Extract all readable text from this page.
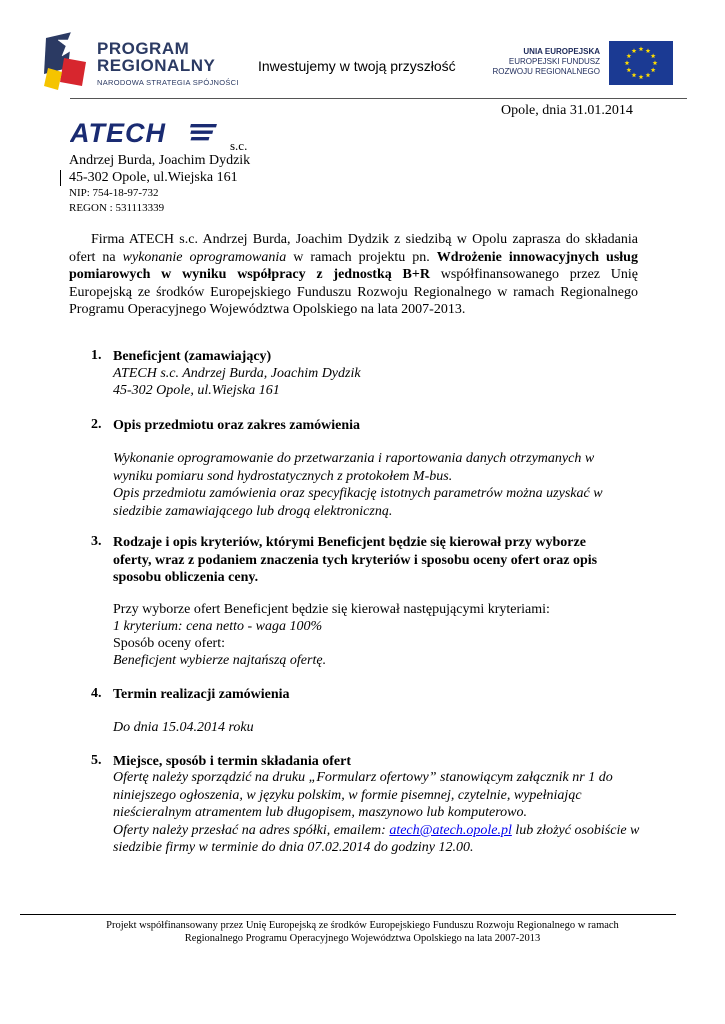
PROGRAM
REGIONALNY
NARODOWA STRATEGIA SPÓJNOŚCI
Inwestujemy w twoją przyszłość
UNIA EUROPEJSKA
EUROPEJSKI FUNDUSZ
ROZWOJU REGIONALNEGO
Opole, dnia 31.01.2014
ATECH	s.c.
Andrzej Burda, Joachim Dydzik
45-302 Opole, ul.Wiejska 161
NIP: 754-18-97-732
REGON : 531113339

Firma ATECH s.c. Andrzej Burda, Joachim Dydzik z siedzibą w Opolu zaprasza do składania ofert na wykonanie oprogramowania w ramach projektu pn. Wdrożenie innowacyjnych usług pomiarowych w wyniku współpracy z jednostką B+R współfinansowanego przez Unię Europejską ze środków Europejskiego Funduszu Rozwoju Regionalnego w ramach Regionalnego Programu Operacyjnego Województwa Opolskiego na lata 2007-2013.

1. Beneficjent (zamawiający)
ATECH s.c. Andrzej Burda, Joachim Dydzik
45-302 Opole, ul.Wiejska 161
2. Opis przedmiotu oraz zakres zamówienia
Wykonanie oprogramowanie do przetwarzania i raportowania danych otrzymanych w wyniku pomiaru sond hydrostatycznych z protokołem M-bus.
Opis przedmiotu zamówienia oraz specyfikację istotnych parametrów można uzyskać w siedzibie zamawiającego lub drogą elektroniczną.
3. Rodzaje i opis kryteriów, którymi Beneficjent będzie się kierował przy wyborze oferty, wraz z podaniem znaczenia tych kryteriów i sposobu oceny ofert oraz opis sposobu obliczenia ceny.
Przy wyborze ofert Beneficjent będzie się kierował następującymi kryteriami:
1 kryterium: cena netto - waga 100%
Sposób oceny ofert:
Beneficjent wybierze najtańszą ofertę.
4. Termin realizacji zamówienia
Do dnia 15.04.2014 roku
5. Miejsce, sposób i termin składania ofert
Ofertę należy sporządzić na druku „Formularz ofertowy” stanowiącym załącznik nr 1 do niniejszego ogłoszenia, w języku polskim, w formie pisemnej, czytelnie, wypełniając nieścieralnym atramentem lub długopisem, maszynowo lub komputerowo.
Oferty należy przesłać na adres spółki, emailem: atech@atech.opole.pl lub złożyć osobiście w siedzibie firmy w terminie do dnia 07.02.2014 do godziny 12.00.
Projekt współfinansowany przez Unię Europejską ze środków Europejskiego Funduszu Rozwoju Regionalnego w ramach
Regionalnego Programu Operacyjnego Województwa Opolskiego na lata 2007-2013
